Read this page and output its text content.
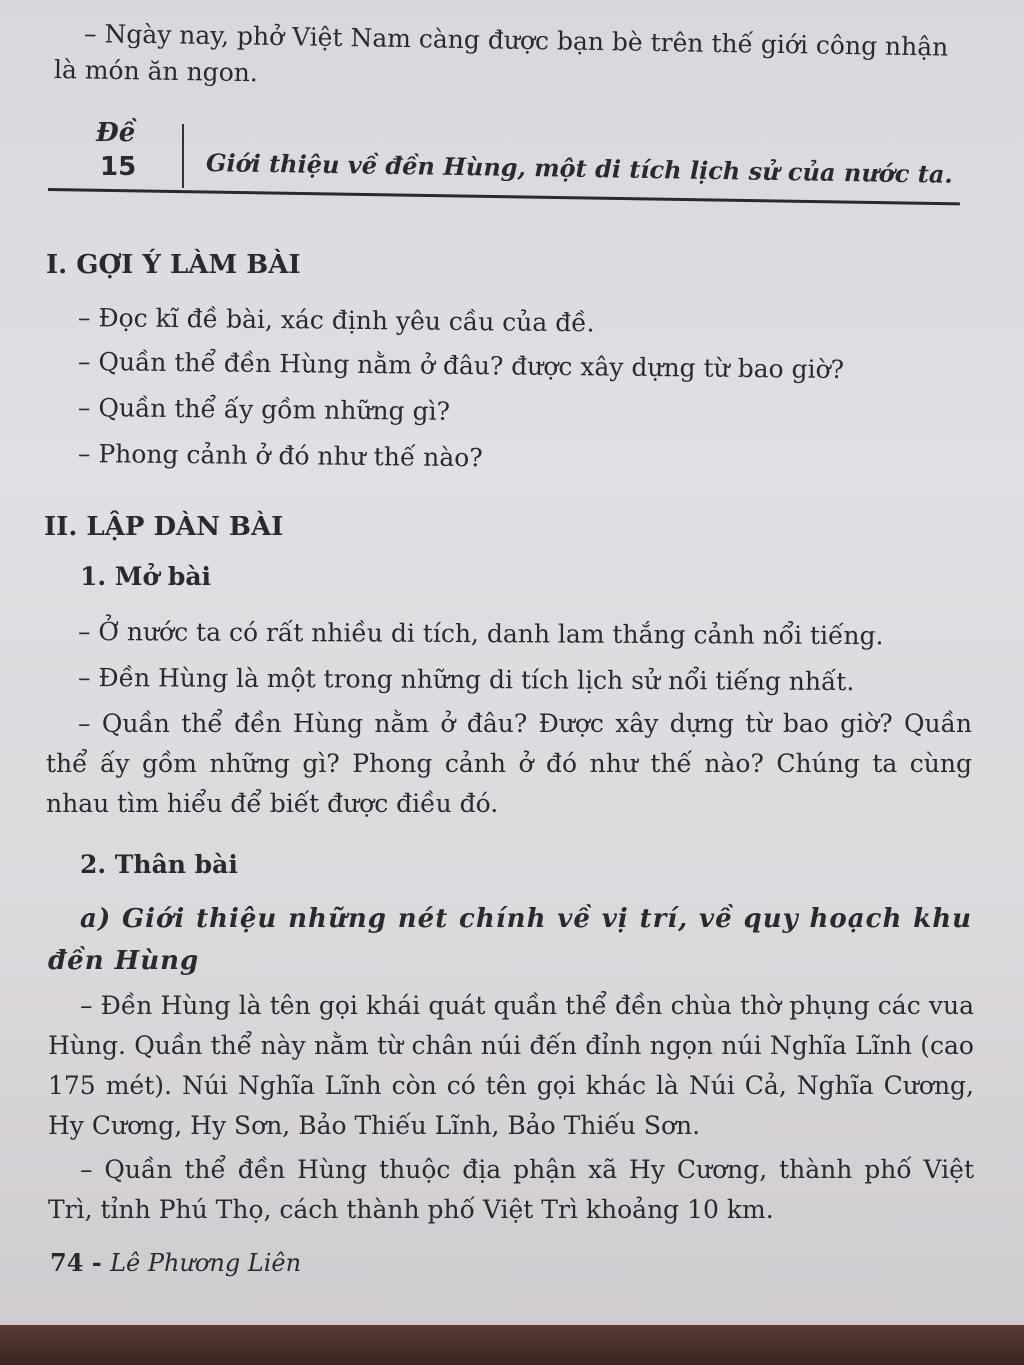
– Ngày nay, phở Việt Nam càng được bạn bè trên thế giới công nhận
là món ăn ngon.
Đề
15	Giới thiệu về đền Hùng, một di tích lịch sử của nước ta.
I. GỢI Ý LÀM BÀI
– Đọc kĩ đề bài, xác định yêu cầu của đề.
– Quần thể đền Hùng nằm ở đâu? được xây dựng từ bao giờ?
– Quần thể ấy gồm những gì?
– Phong cảnh ở đó như thế nào?
II. LẬP DÀN BÀI
1. Mở bài
– Ở nước ta có rất nhiều di tích, danh lam thắng cảnh nổi tiếng.
– Đền Hùng là một trong những di tích lịch sử nổi tiếng nhất.
– Quần thể đền Hùng nằm ở đâu? Được xây dựng từ bao giờ? Quần thể ấy gồm những gì? Phong cảnh ở đó như thế nào? Chúng ta cùng nhau tìm hiểu để biết được điều đó.
2. Thân bài
a) Giới thiệu những nét chính về vị trí, về quy hoạch khu đền Hùng
– Đền Hùng là tên gọi khái quát quần thể đền chùa thờ phụng các vua Hùng. Quần thể này nằm từ chân núi đến đỉnh ngọn núi Nghĩa Lĩnh (cao 175 mét). Núi Nghĩa Lĩnh còn có tên gọi khác là Núi Cả, Nghĩa Cương, Hy Cương, Hy Sơn, Bảo Thiếu Lĩnh, Bảo Thiếu Sơn.
– Quần thể đền Hùng thuộc địa phận xã Hy Cương, thành phố Việt Trì, tỉnh Phú Thọ, cách thành phố Việt Trì khoảng 10 km.
74 - Lê Phương Liên
